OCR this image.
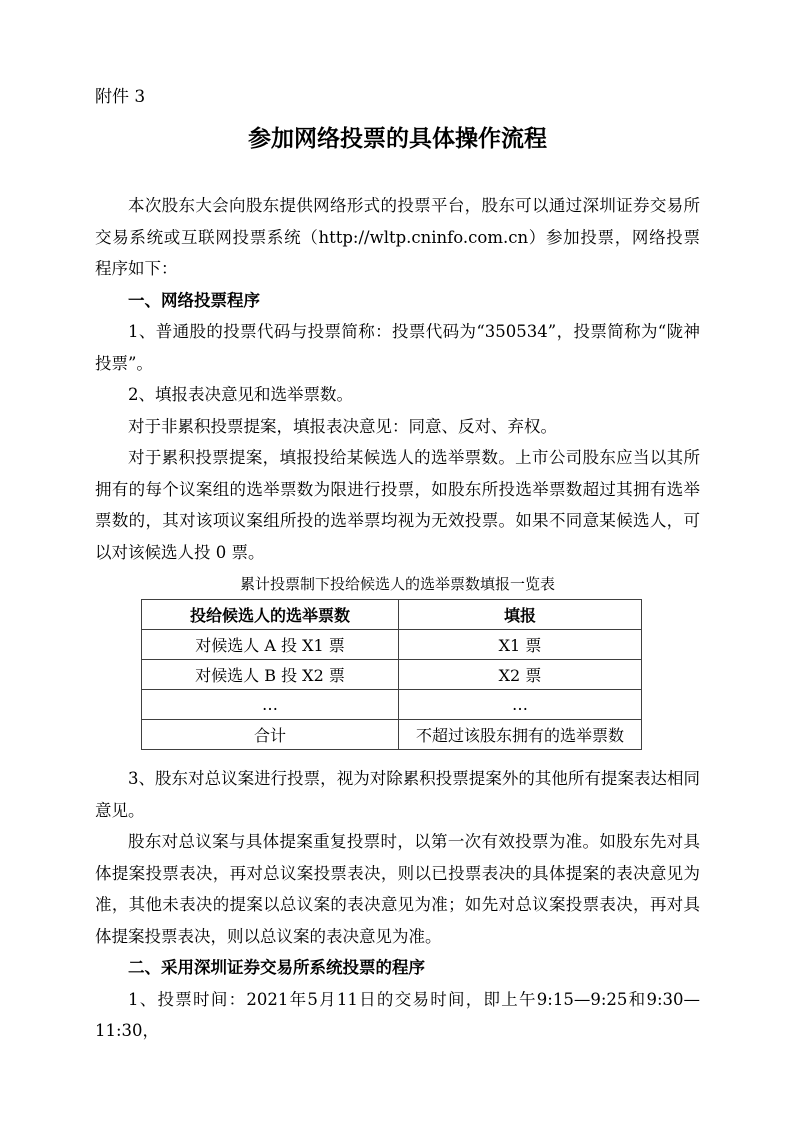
附件 3
参加网络投票的具体操作流程

本次股东大会向股东提供网络形式的投票平台，股东可以通过深圳证券交易所交易系统或互联网投票系统（http://wltp.cninfo.com.cn）参加投票，网络投票程序如下：

一、网络投票程序

1、普通股的投票代码与投票简称：投票代码为“350534”，投票简称为“陇神投票”。

2、填报表决意见和选举票数。

对于非累积投票提案，填报表决意见：同意、反对、弃权。

对于累积投票提案，填报投给某候选人的选举票数。上市公司股东应当以其所拥有的每个议案组的选举票数为限进行投票，如股东所投选举票数超过其拥有选举票数的，其对该项议案组所投的选举票均视为无效投票。如果不同意某候选人，可以对该候选人投 0 票。

累计投票制下投给候选人的选举票数填报一览表
投给候选人的选举票数	填报
对候选人 A 投 X1 票	X1 票
对候选人 B 投 X2 票	X2 票
…	…
合计	不超过该股东拥有的选举票数

3、股东对总议案进行投票，视为对除累积投票提案外的其他所有提案表达相同意见。

股东对总议案与具体提案重复投票时，以第一次有效投票为准。如股东先对具体提案投票表决，再对总议案投票表决，则以已投票表决的具体提案的表决意见为准，其他未表决的提案以总议案的表决意见为准；如先对总议案投票表决，再对具体提案投票表决，则以总议案的表决意见为准。

二、采用深圳证券交易所系统投票的程序

1、投票时间：2021年5月11日的交易时间，即上午9:15—9:25和9:30—11:30，
